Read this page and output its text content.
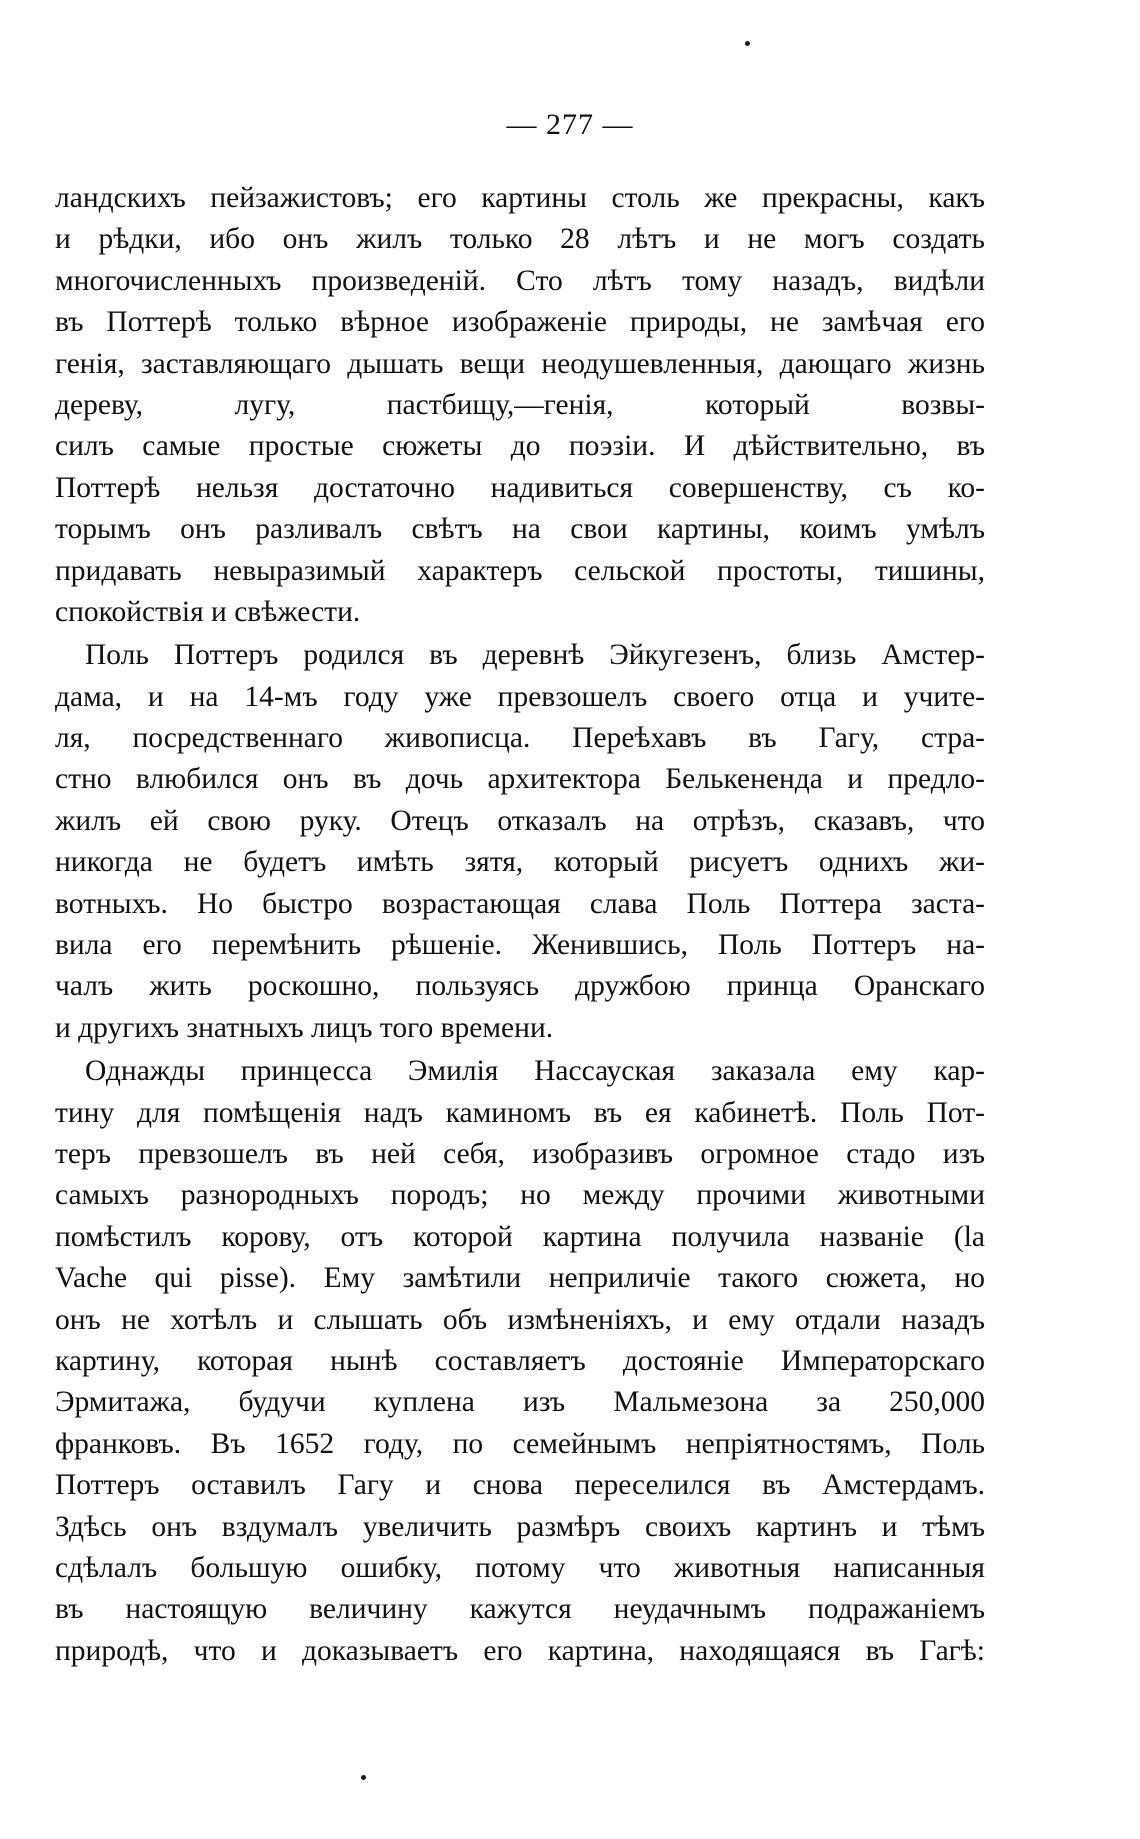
— 277 —
ландскихъ пейзажистовъ; его картины столь же прекрасны, какъ
и рѣдки, ибо онъ жилъ только 28 лѣтъ и не могъ создать
многочисленныхъ произведеній. Сто лѣтъ тому назадъ, видѣли
въ Поттерѣ только вѣрное изображеніе природы, не замѣчая его
генія, заставляющаго дышать вещи неодушевленныя, дающаго жизнь дереву, лугу, пастбищу,—генія, который возвы-
силъ самые простые сюжеты до поэзіи. И дѣйствительно, въ
Поттерѣ нельзя достаточно надивиться совершенству, съ ко-
торымъ онъ разливалъ свѣтъ на свои картины, коимъ умѣлъ
придавать невыразимый характеръ сельской простоты, тишины,
спокойствія и свѣжести.
Поль Поттеръ родился въ деревнѣ Эйкугезенъ, близь Амстер-
дама, и на 14-мъ году уже превзошелъ своего отца и учите-
ля, посредственнаго живописца. Переѣхавъ въ Гагу, стра-
стно влюбился онъ въ дочь архитектора Белькененда и предло-
жилъ ей свою руку. Отецъ отказалъ на отрѣзъ, сказавъ, что
никогда не будетъ имѣть зятя, который рисуетъ однихъ жи-
вотныхъ. Но быстро возрастающая слава Поль Поттера заста-
вила его перемѣнить рѣшеніе. Женившись, Поль Поттеръ на-
чалъ жить роскошно, пользуясь дружбою принца Оранскаго
и другихъ знатныхъ лицъ того времени.
Однажды принцесса Эмилія Нассауская заказала ему кар-
тину для помѣщенія надъ каминомъ въ ея кабинетѣ. Поль Пот-
теръ превзошелъ въ ней себя, изобразивъ огромное стадо изъ
самыхъ разнородныхъ породъ; но между прочими животными
помѣстилъ корову, отъ которой картина получила названіе (la
Vache qui pisse). Ему замѣтили неприличіе такого сюжета, но
онъ не хотѣлъ и слышать объ измѣненіяхъ, и ему отдали назадъ
картину, которая нынѣ составляетъ достояніе Императорскаго
Эрмитажа, будучи куплена изъ Мальмезона за 250,000
франковъ. Въ 1652 году, по семейнымъ непріятностямъ, Поль
Поттеръ оставилъ Гагу и снова переселился въ Амстердамъ.
Здѣсь онъ вздумалъ увеличить размѣръ своихъ картинъ и тѣмъ
сдѣлалъ большую ошибку, потому что животныя написанныя
въ настоящую величину кажутся неудачнымъ подражаніемъ
природѣ, что и доказываетъ его картина, находящаяся въ Гагѣ:
